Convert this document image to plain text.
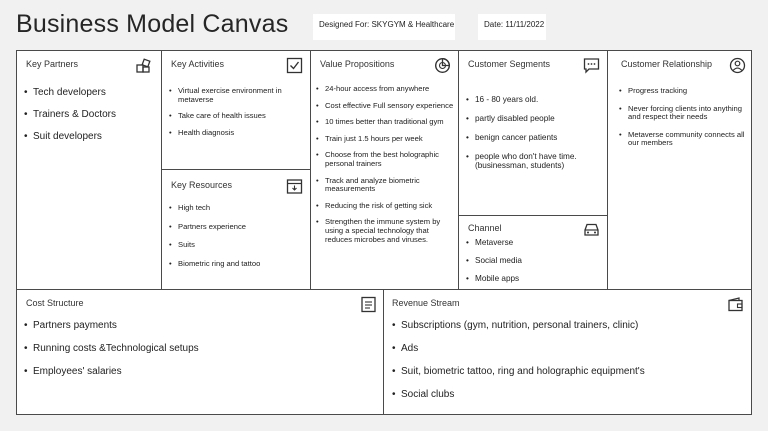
Business Model Canvas	Designed For: SKYGYM & Healthcare	Date: 11/11/2022
Key Partners
• Tech developers
• Trainers & Doctors
• Suit developers
Key Activities
• Virtual exercise environment in metaverse
• Take care of health issues
• Health diagnosis
Key Resources
• High tech
• Partners experience
• Suits
• Biometric ring and tattoo
Value Propositions
• 24-hour access from anywhere
• Cost effective Full sensory experience
• 10 times better than traditional gym
• Train just 1.5 hours per week
• Choose from the best holographic personal trainers
• Track and analyze biometric measurements
• Reducing the risk of getting sick
• Strengthen the immune system by using a special technology that reduces microbes and viruses.
Customer Segments
• 16 - 80 years old.
• partly disabled people
• benign cancer patients
• people who don't have time. (businessman, students)
Channel
• Metaverse
• Social media
• Mobile apps
Customer Relationship
• Progress tracking
• Never forcing clients into anything and respect their needs
• Metaverse community connects all our members
Cost Structure
• Partners payments
• Running costs &Technological setups
• Employees' salaries
Revenue Stream
• Subscriptions (gym, nutrition, personal trainers, clinic)
• Ads
• Suit, biometric tattoo, ring and holographic equipment's
• Social clubs
